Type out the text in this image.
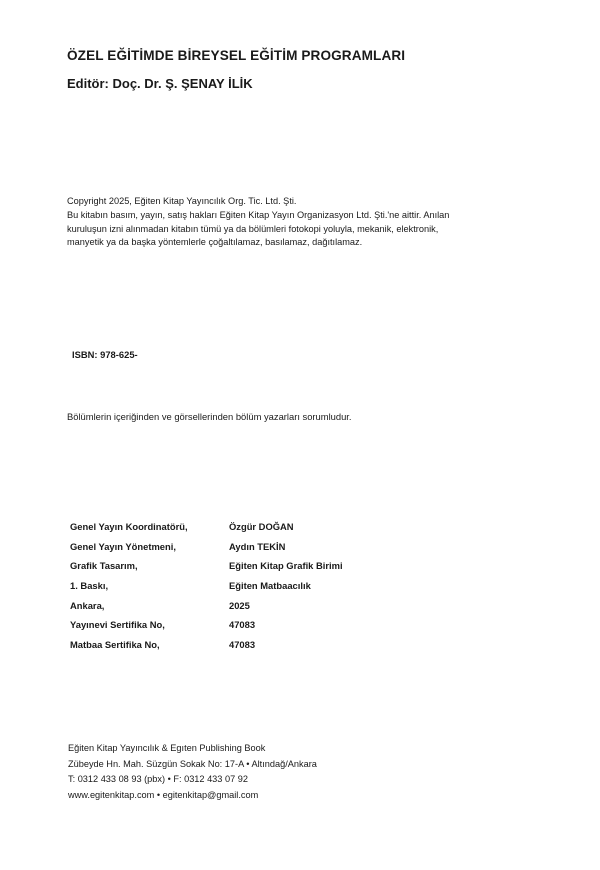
ÖZEL EĞİTİMDE BİREYSEL EĞİTİM PROGRAMLARI
Editör: Doç. Dr. Ş. ŞENAY İLİK

Copyright 2025, Eğiten Kitap Yayıncılık Org. Tic. Ltd. Şti.

Bu kitabın basım, yayın, satış hakları Eğiten Kitap Yayın Organizasyon Ltd. Şti.'ne aittir. Anılan

kuruluşun izni alınmadan kitabın tümü ya da bölümleri fotokopi yoluyla, mekanik, elektronik,

manyetik ya da başka yöntemlerle çoğaltılamaz, basılamaz, dağıtılamaz.

ISBN: 978-625-
Bölümlerin içeriğinden ve görsellerinden bölüm yazarları sorumludur.
Genel Yayın Koordinatörü,	Özgür DOĞAN
Genel Yayın Yönetmeni,	Aydın TEKİN
Grafik Tasarım,	Eğiten Kitap Grafik Birimi
1. Baskı,	Eğiten Matbaacılık
Ankara,	2025
Yayınevi Sertifika No,	47083
Matbaa Sertifika No,	47083

Eğiten Kitap Yayıncılık & Egıten Publishing Book

Zübeyde Hn. Mah. Süzgün Sokak No: 17-A • Altındağ/Ankara

T: 0312 433 08 93 (pbx) • F: 0312 433 07 92

www.egitenkitap.com • egitenkitap@gmail.com
